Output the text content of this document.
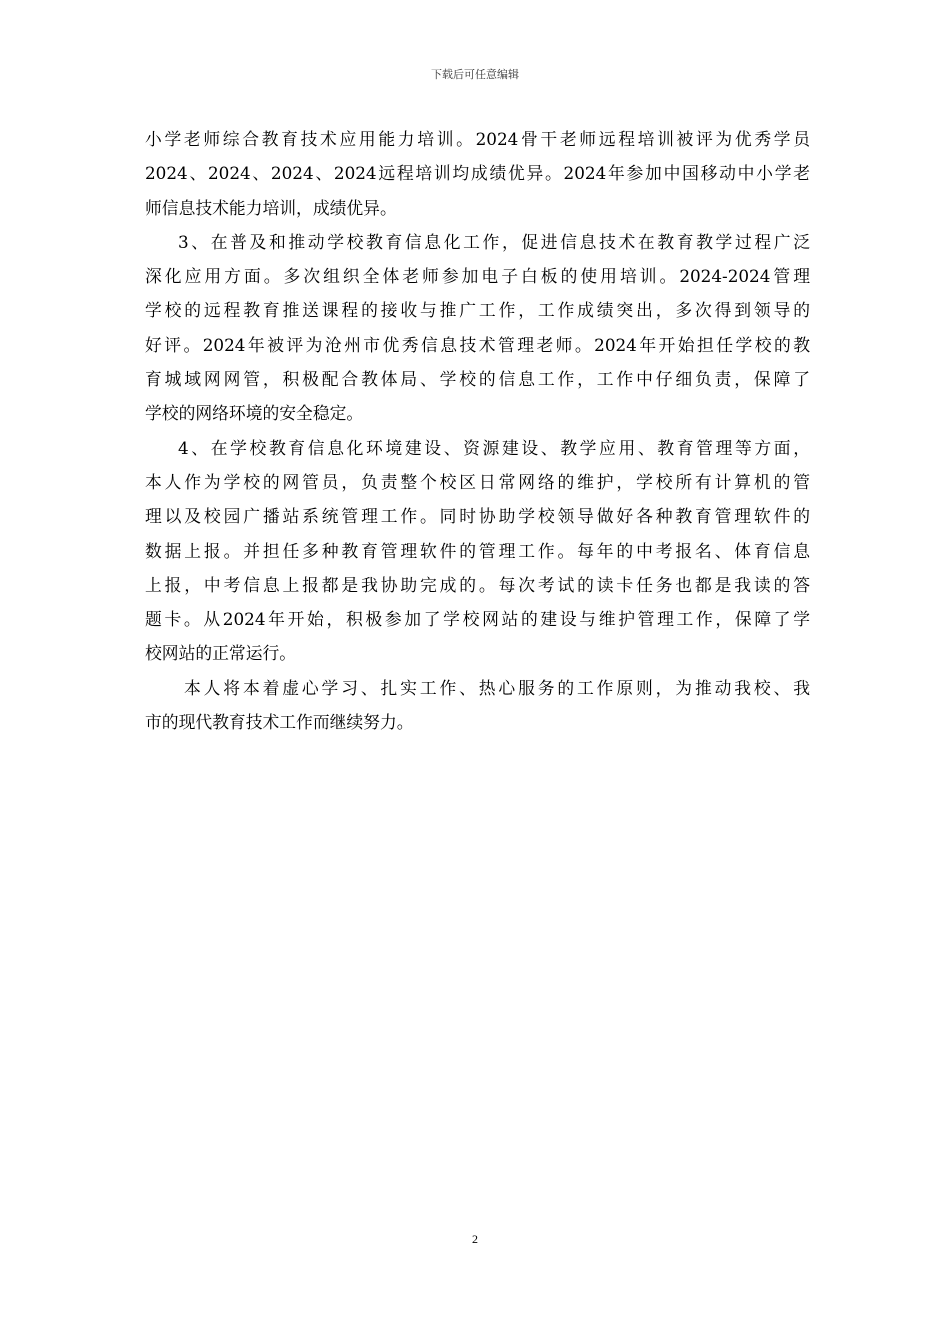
下载后可任意编辑
小学老师综合教育技术应用能力培训。2024骨干老师远程培训被评为优秀学员
2024、2024、2024、2024远程培训均成绩优异。2024年参加中国移动中小学老
师信息技术能力培训，成绩优异。
3、在普及和推动学校教育信息化工作，促进信息技术在教育教学过程广泛
深化应用方面。多次组织全体老师参加电子白板的使用培训。2024-2024管理
学校的远程教育推送课程的接收与推广工作，工作成绩突出，多次得到领导的
好评。2024年被评为沧州市优秀信息技术管理老师。2024年开始担任学校的教
育城域网网管，积极配合教体局、学校的信息工作，工作中仔细负责，保障了
学校的网络环境的安全稳定。
4、在学校教育信息化环境建设、资源建设、教学应用、教育管理等方面，
本人作为学校的网管员，负责整个校区日常网络的维护，学校所有计算机的管
理以及校园广播站系统管理工作。同时协助学校领导做好各种教育管理软件的
数据上报。并担任多种教育管理软件的管理工作。每年的中考报名、体育信息
上报，中考信息上报都是我协助完成的。每次考试的读卡任务也都是我读的答
题卡。从2024年开始，积极参加了学校网站的建设与维护管理工作，保障了学
校网站的正常运行。
本人将本着虚心学习、扎实工作、热心服务的工作原则，为推动我校、我
市的现代教育技术工作而继续努力。
2
